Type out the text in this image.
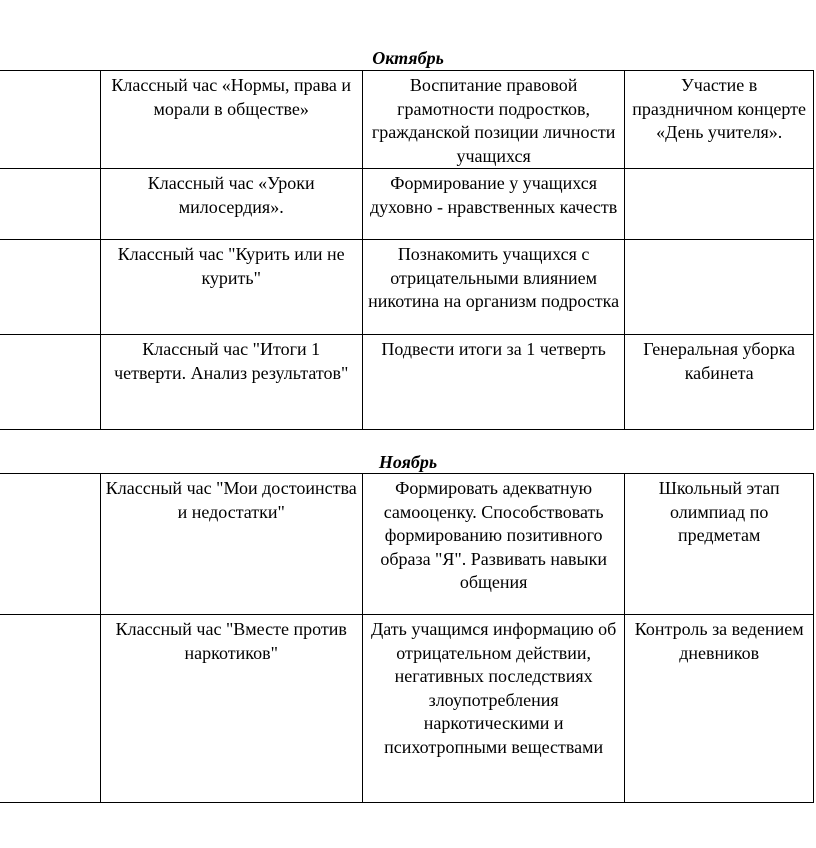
Октябрь

	Классный час «Нормы, права и морали в обществе»	Воспитание правовой грамотности подростков, гражданской позиции личности учащихся	Участие в праздничном концерте «День учителя».

	Классный час «Уроки милосердия».	Формирование у учащихся духовно - нравственных качеств	

	Классный час "Курить или не курить"	Познакомить учащихся с отрицательными влиянием никотина на организм подростка	

	Классный час "Итоги 1 четверти. Анализ результатов"	Подвести итоги за 1 четверть	Генеральная уборка кабинета
Ноябрь

	Классный час "Мои достоинства и недостатки"	Формировать адекватную самооценку. Способствовать формированию позитивного образа "Я". Развивать навыки общения	Школьный этап олимпиад по предметам

	Классный час "Вместе против наркотиков"	Дать учащимся информацию об отрицательном действии, негативных последствиях злоупотребления наркотическими и психотропными веществами	Контроль за ведением дневников
